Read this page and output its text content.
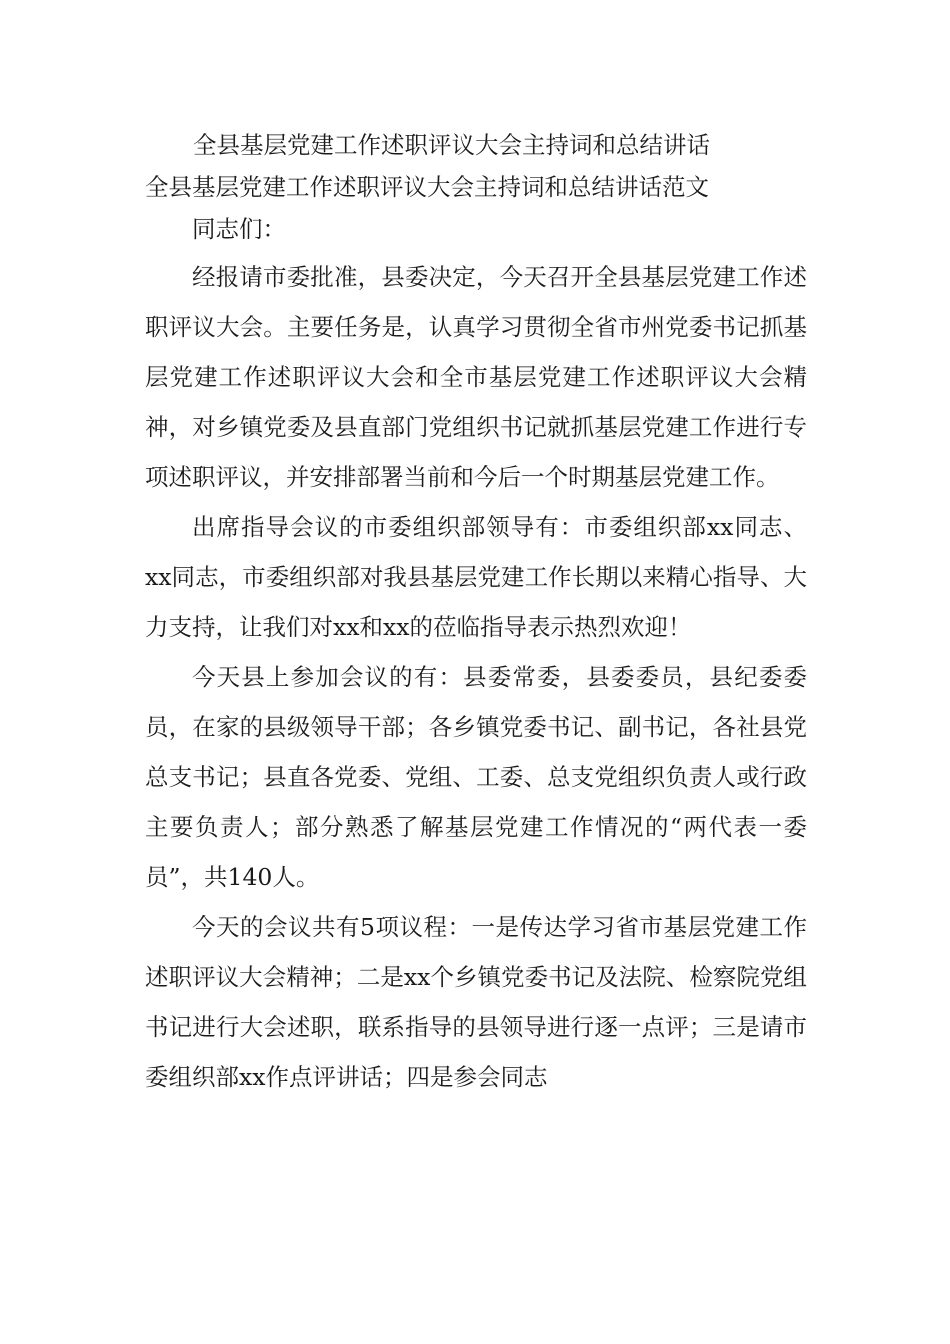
全县基层党建工作述职评议大会主持词和总结讲话
全县基层党建工作述职评议大会主持词和总结讲话范文

同志们：

经报请市委批准，县委决定，今天召开全县基层党建工作述职评议大会。主要任务是，认真学习贯彻全省市州党委书记抓基层党建工作述职评议大会和全市基层党建工作述职评议大会精神，对乡镇党委及县直部门党组织书记就抓基层党建工作进行专项述职评议，并安排部署当前和今后一个时期基层党建工作。

出席指导会议的市委组织部领导有：市委组织部xx同志、xx同志，市委组织部对我县基层党建工作长期以来精心指导、大力支持，让我们对xx和xx的莅临指导表示热烈欢迎！

今天县上参加会议的有：县委常委，县委委员，县纪委委员，在家的县级领导干部；各乡镇党委书记、副书记，各社县党总支书记；县直各党委、党组、工委、总支党组织负责人或行政主要负责人；部分熟悉了解基层党建工作情况的“两代表一委员”，共140人。

今天的会议共有5项议程：一是传达学习省市基层党建工作述职评议大会精神；二是xx个乡镇党委书记及法院、检察院党组书记进行大会述职，联系指导的县领导进行逐一点评；三是请市委组织部xx作点评讲话；四是参会同志
